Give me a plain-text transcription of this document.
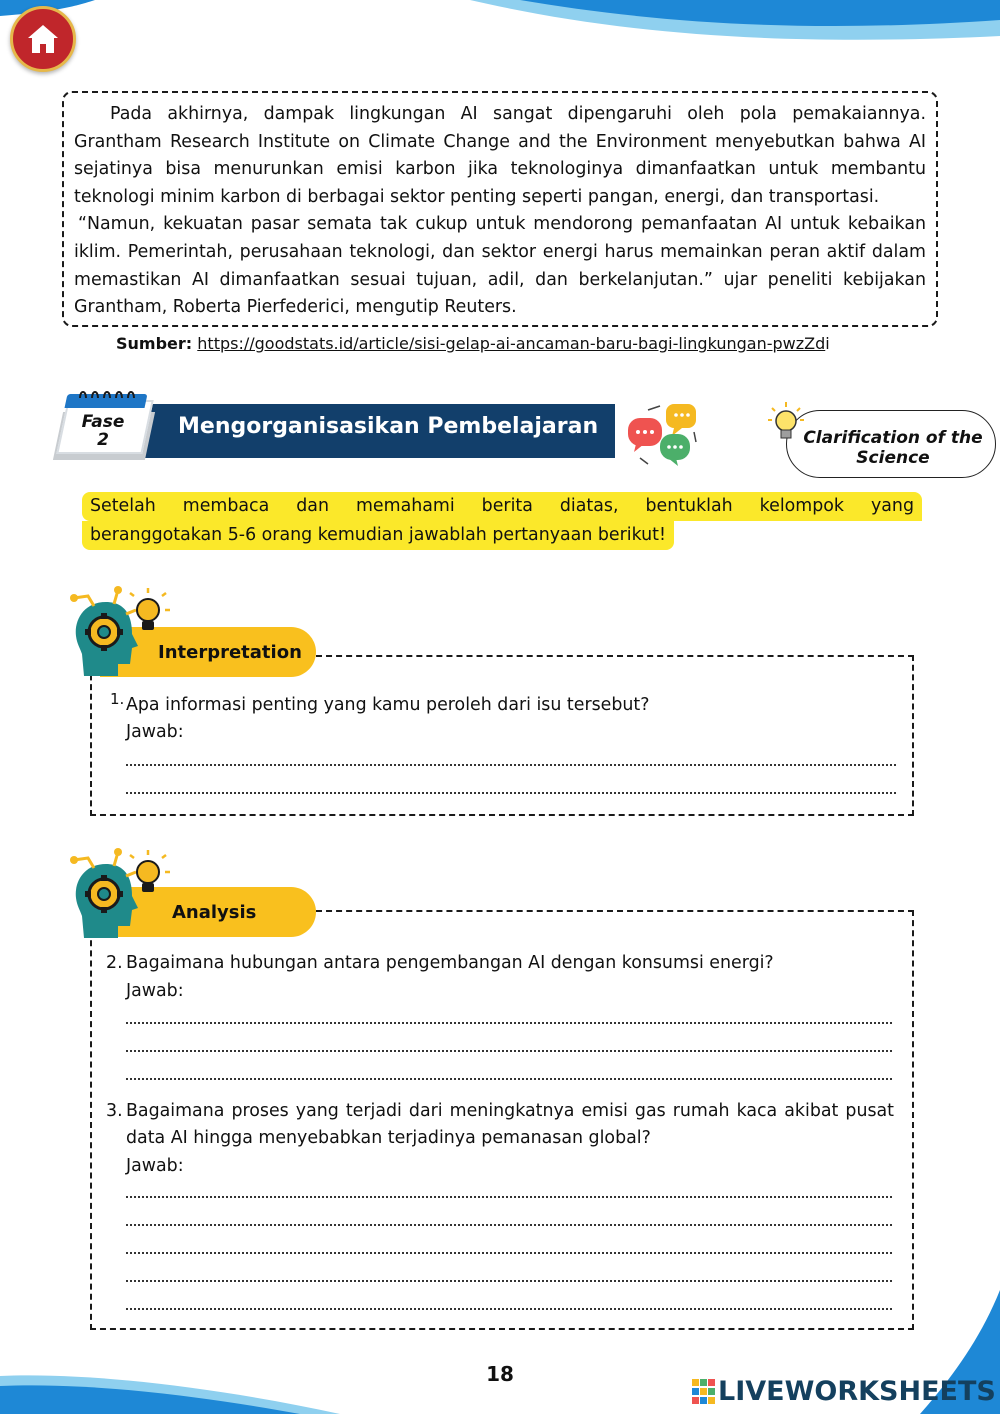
Pada akhirnya, dampak lingkungan AI sangat dipengaruhi oleh pola pemakaiannya. Grantham Research Institute on Climate Change and the Environment menyebutkan bahwa AI sejatinya bisa menurunkan emisi karbon jika teknologinya dimanfaatkan untuk membantu teknologi minim karbon di berbagai sektor penting seperti pangan, energi, dan transportasi.

“Namun, kekuatan pasar semata tak cukup untuk mendorong pemanfaatan AI untuk kebaikan iklim. Pemerintah, perusahaan teknologi, dan sektor energi harus memainkan peran aktif dalam memastikan AI dimanfaatkan sesuai tujuan, adil, dan berkelanjutan.” ujar peneliti kebijakan Grantham, Roberta Pierfederici, mengutip Reuters.

Sumber: https://goodstats.id/article/sisi-gelap-ai-ancaman-baru-bagi-lingkungan-pwzZdi
Mengorganisasikan Pembelajaran
Fase
2	Clarification of the Science
Setelah membaca dan memahami berita diatas, bentuklah kelompok yang
beranggotakan 5-6 orang kemudian jawablah pertanyaan berikut!
Interpretation
1. Apa informasi penting yang kamu peroleh dari isu tersebut?
Jawab:
Analysis
2. Bagaimana hubungan antara pengembangan AI dengan konsumsi energi?
Jawab:
3. Bagaimana proses yang terjadi dari meningkatnya emisi gas rumah kaca akibat pusat data AI hingga menyebabkan terjadinya pemanasan global?
Jawab:
18
LIVEWORKSHEETS
